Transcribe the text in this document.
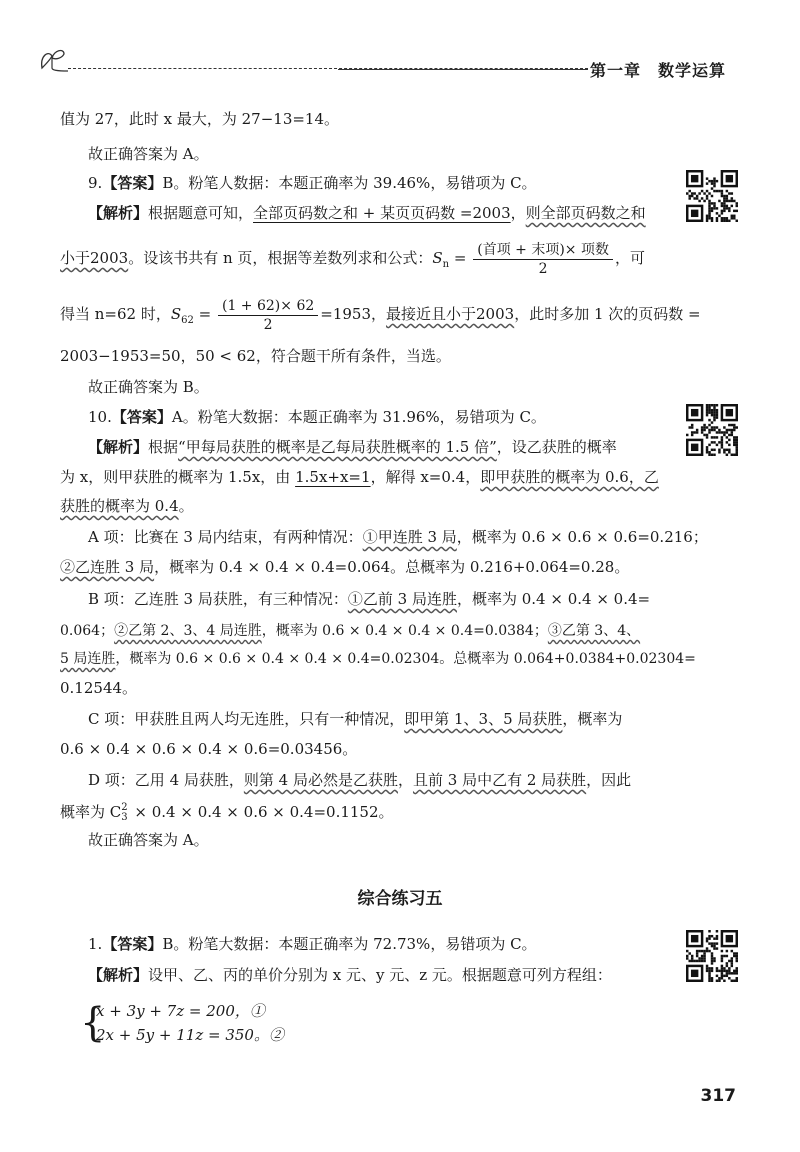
第一章　数学运算
值为 27，此时 x 最大，为 27−13=14。
故正确答案为 A。
9.【答案】B。粉笔人数据：本题正确率为 39.46%，易错项为 C。
【解析】根据题意可知，全部页码数之和 + 某页页码数 =2003，则全部页码数之和
小于2003。设该书共有 n 页，根据等差数列求和公式：$S_n = \frac{\text{(首项 + 末项)× 项数}}{2}$ ，可
得当 n=62 时，$S_{62} = \frac{(1 + 62)\times 62}{2} =1953$，最接近且小于2003，此时多加 1 次的页码数 =
2003−1953=50，50 < 62，符合题干所有条件，当选。
故正确答案为 B。
10.【答案】A。粉笔大数据：本题正确率为 31.96%，易错项为 C。
【解析】根据“甲每局获胜的概率是乙每局获胜概率的 1.5 倍”，设乙获胜的概率
为 x，则甲获胜的概率为 1.5x，由 1.5x+x=1，解得 x=0.4，即甲获胜的概率为 0.6，乙
获胜的概率为 0.4。
A 项：比赛在 3 局内结束，有两种情况：①甲连胜 3 局，概率为 0.6 × 0.6 × 0.6=0.216；
②乙连胜 3 局，概率为 0.4 × 0.4 × 0.4=0.064。总概率为 0.216+0.064=0.28。
B 项：乙连胜 3 局获胜，有三种情况：①乙前 3 局连胜，概率为 0.4 × 0.4 × 0.4=
0.064；②乙第 2、3、4 局连胜，概率为 0.6 × 0.4 × 0.4 × 0.4=0.0384；③乙第 3、4、
5 局连胜，概率为 0.6 × 0.6 × 0.4 × 0.4 × 0.4=0.02304。总概率为 0.064+0.0384+0.02304=
0.12544。
C 项：甲获胜且两人均无连胜，只有一种情况，即甲第 1、3、5 局获胜，概率为
0.6 × 0.4 × 0.6 × 0.4 × 0.6=0.03456。
D 项：乙用 4 局获胜，则第 4 局必然是乙获胜，且前 3 局中乙有 2 局获胜，因此
概率为 C 2
3 × 0.4 × 0.4 × 0.6 × 0.4=0.1152。
故正确答案为 A。
综合练习五
1.【答案】B。粉笔大数据：本题正确率为 72.73%，易错项为 C。
【解析】设甲、乙、丙的单价分别为 x 元、y 元、z 元。根据题意可列方程组：
{
x + 3y + 7z = 200，①
2x + 5y + 11z = 350。②
317
